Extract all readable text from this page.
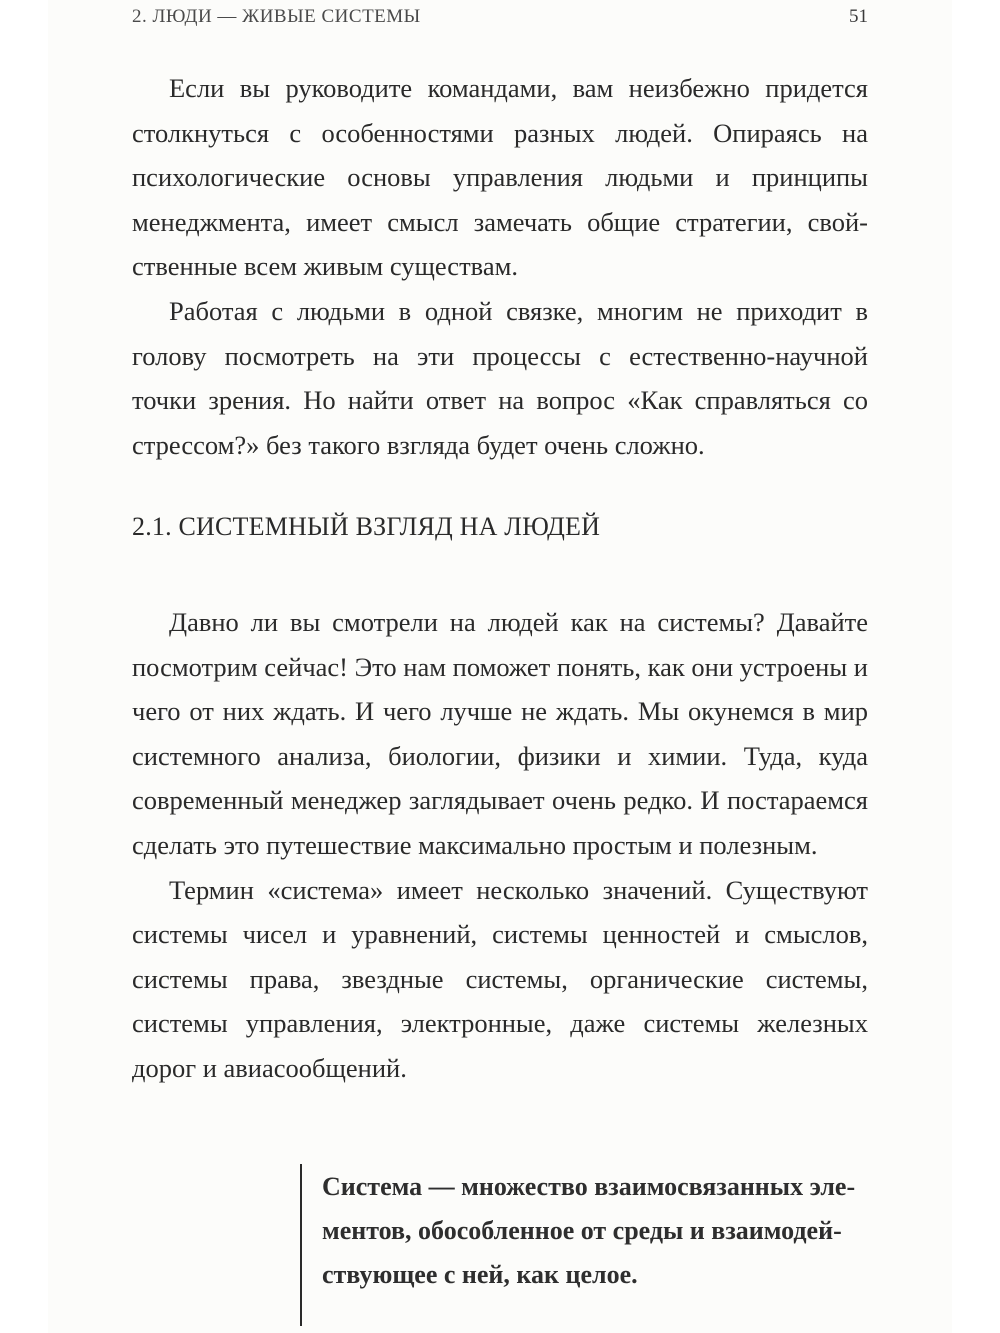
2. ЛЮДИ — ЖИВЫЕ СИСТЕМЫ	51

Если вы руководите командами, вам неизбежно придется столкнуться с особенностями разных людей. Опираясь на психологические основы управления людьми и принципы менеджмента, имеет смысл замечать общие стратегии, свойственные всем живым существам.

Работая с людьми в одной связке, многим не приходит в голову посмотреть на эти процессы с естественно-научной точки зрения. Но найти ответ на вопрос «Как справляться со стрессом?» без такого взгляда будет очень сложно.

2.1. СИСТЕМНЫЙ ВЗГЛЯД НА ЛЮДЕЙ

Давно ли вы смотрели на людей как на системы? Давайте посмотрим сейчас! Это нам поможет понять, как они устроены и чего от них ждать. И чего лучше не ждать. Мы окунемся в мир системного анализа, биологии, физики и химии. Туда, куда современный менеджер заглядывает очень редко. И постараемся сделать это путешествие максимально простым и полезным.

Термин «система» имеет несколько значений. Существуют системы чисел и уравнений, системы ценностей и смыслов, системы права, звездные системы, органические системы, системы управления, электронные, даже системы железных дорог и авиасообщений.

Система — множество взаимосвязанных элементов, обособленное от среды и взаимодействующее с ней, как целое.
